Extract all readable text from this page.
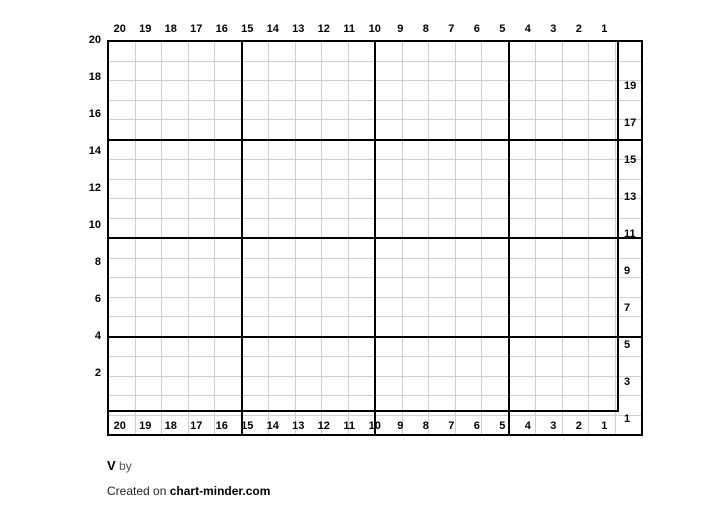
20	19	18	17	16	15	14	13	12	11	10	9	8	7	6	5	4	3	2	1
20
18
16
14
12
10
8
6
4
2

19
17
15
13
11
9
7
5
3
1
20	19	18	17	16	15	14	13	12	11	10	9	8	7	6	5	4	3	2	1
V by
Created on chart-minder.com
